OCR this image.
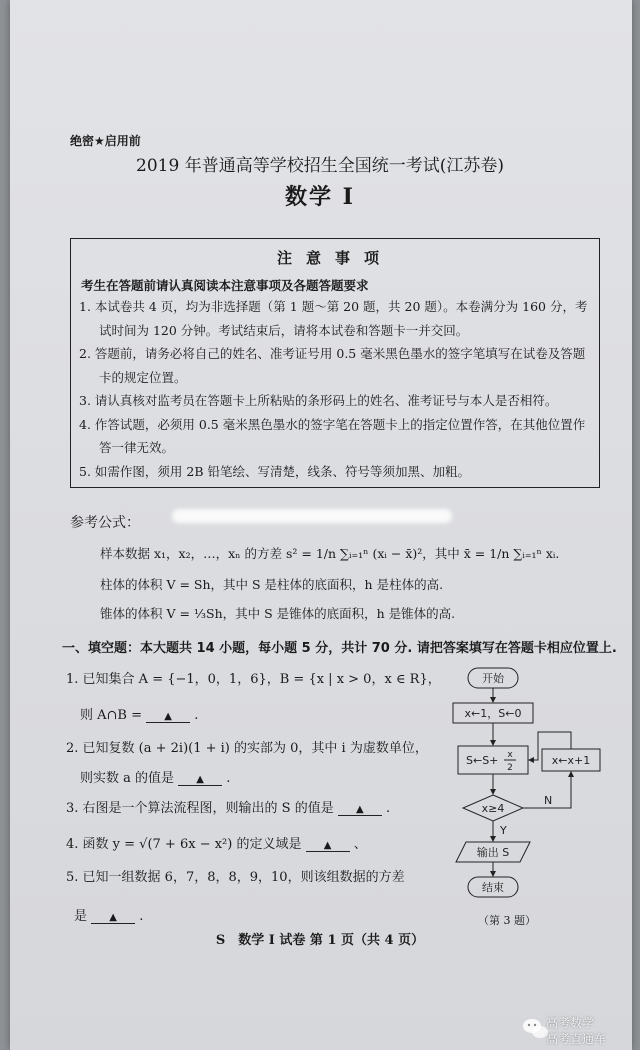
绝密★启用前
2019 年普通高等学校招生全国统一考试(江苏卷)
数学 I
注意事项
考生在答题前请认真阅读本注意事项及各题答题要求
1. 本试卷共 4 页，均为非选择题（第 1 题～第 20 题，共 20 题）。本卷满分为 160 分，考试时间为 120 分钟。考试结束后，请将本试卷和答题卡一并交回。
2. 答题前，请务必将自己的姓名、准考证号用 0.5 毫米黑色墨水的签字笔填写在试卷及答题卡的规定位置。
3. 请认真核对监考员在答题卡上所粘贴的条形码上的姓名、准考证号与本人是否相符。
4. 作答试题，必须用 0.5 毫米黑色墨水的签字笔在答题卡上的指定位置作答，在其他位置作答一律无效。
5. 如需作图，须用 2B 铅笔绘、写清楚，线条、符号等须加黑、加粗。
参考公式：
样本数据 x₁，x₂，…，xₙ 的方差 s² = 1/n ∑ᵢ₌₁ⁿ (xᵢ − x̄)²，其中 x̄ = 1/n ∑ᵢ₌₁ⁿ xᵢ.
柱体的体积 V = Sh，其中 S 是柱体的底面积，h 是柱体的高.
锥体的体积 V = ⅓Sh，其中 S 是锥体的底面积，h 是锥体的高.
一、填空题：本大题共 14 小题，每小题 5 分，共计 70 分. 请把答案填写在答题卡相应位置上.
1. 已知集合 A = {−1，0，1，6}，B = {x | x > 0，x ∈ R}，
则 A∩B = ▲ .
2. 已知复数 (a + 2i)(1 + i) 的实部为 0，其中 i 为虚数单位，
则实数 a 的值是 ▲ .
3. 右图是一个算法流程图，则输出的 S 的值是 ▲ .
4. 函数 y = √(7 + 6x − x²) 的定义域是 ▲ 、
5. 已知一组数据 6，7，8，8，9，10，则该组数据的方差
是 ▲ .
开始
x←1，S←0
S←S+ x
2
x←x+1
x≥4
N
Y
输出 S
结束
（第 3 题）
S　数学 I 试卷 第 1 页（共 4 页）
高考数学
高考直通车
